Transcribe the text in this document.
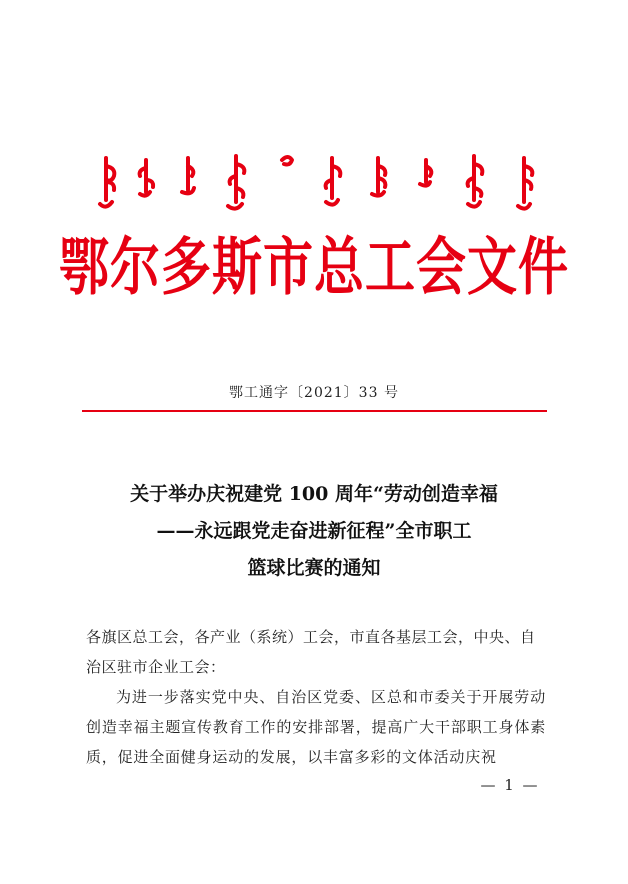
鄂尔多斯市总工会文件
鄂工通字〔2021〕33 号
关于举办庆祝建党 100 周年“劳动创造幸福
——永远跟党走奋进新征程”全市职工
篮球比赛的通知
各旗区总工会，各产业（系统）工会，市直各基层工会，中央、自治区驻市企业工会：
为进一步落实党中央、自治区党委、区总和市委关于开展劳动创造幸福主题宣传教育工作的安排部署，提高广大干部职工身体素质，促进全面健身运动的发展，以丰富多彩的文体活动庆祝
— 1 —
